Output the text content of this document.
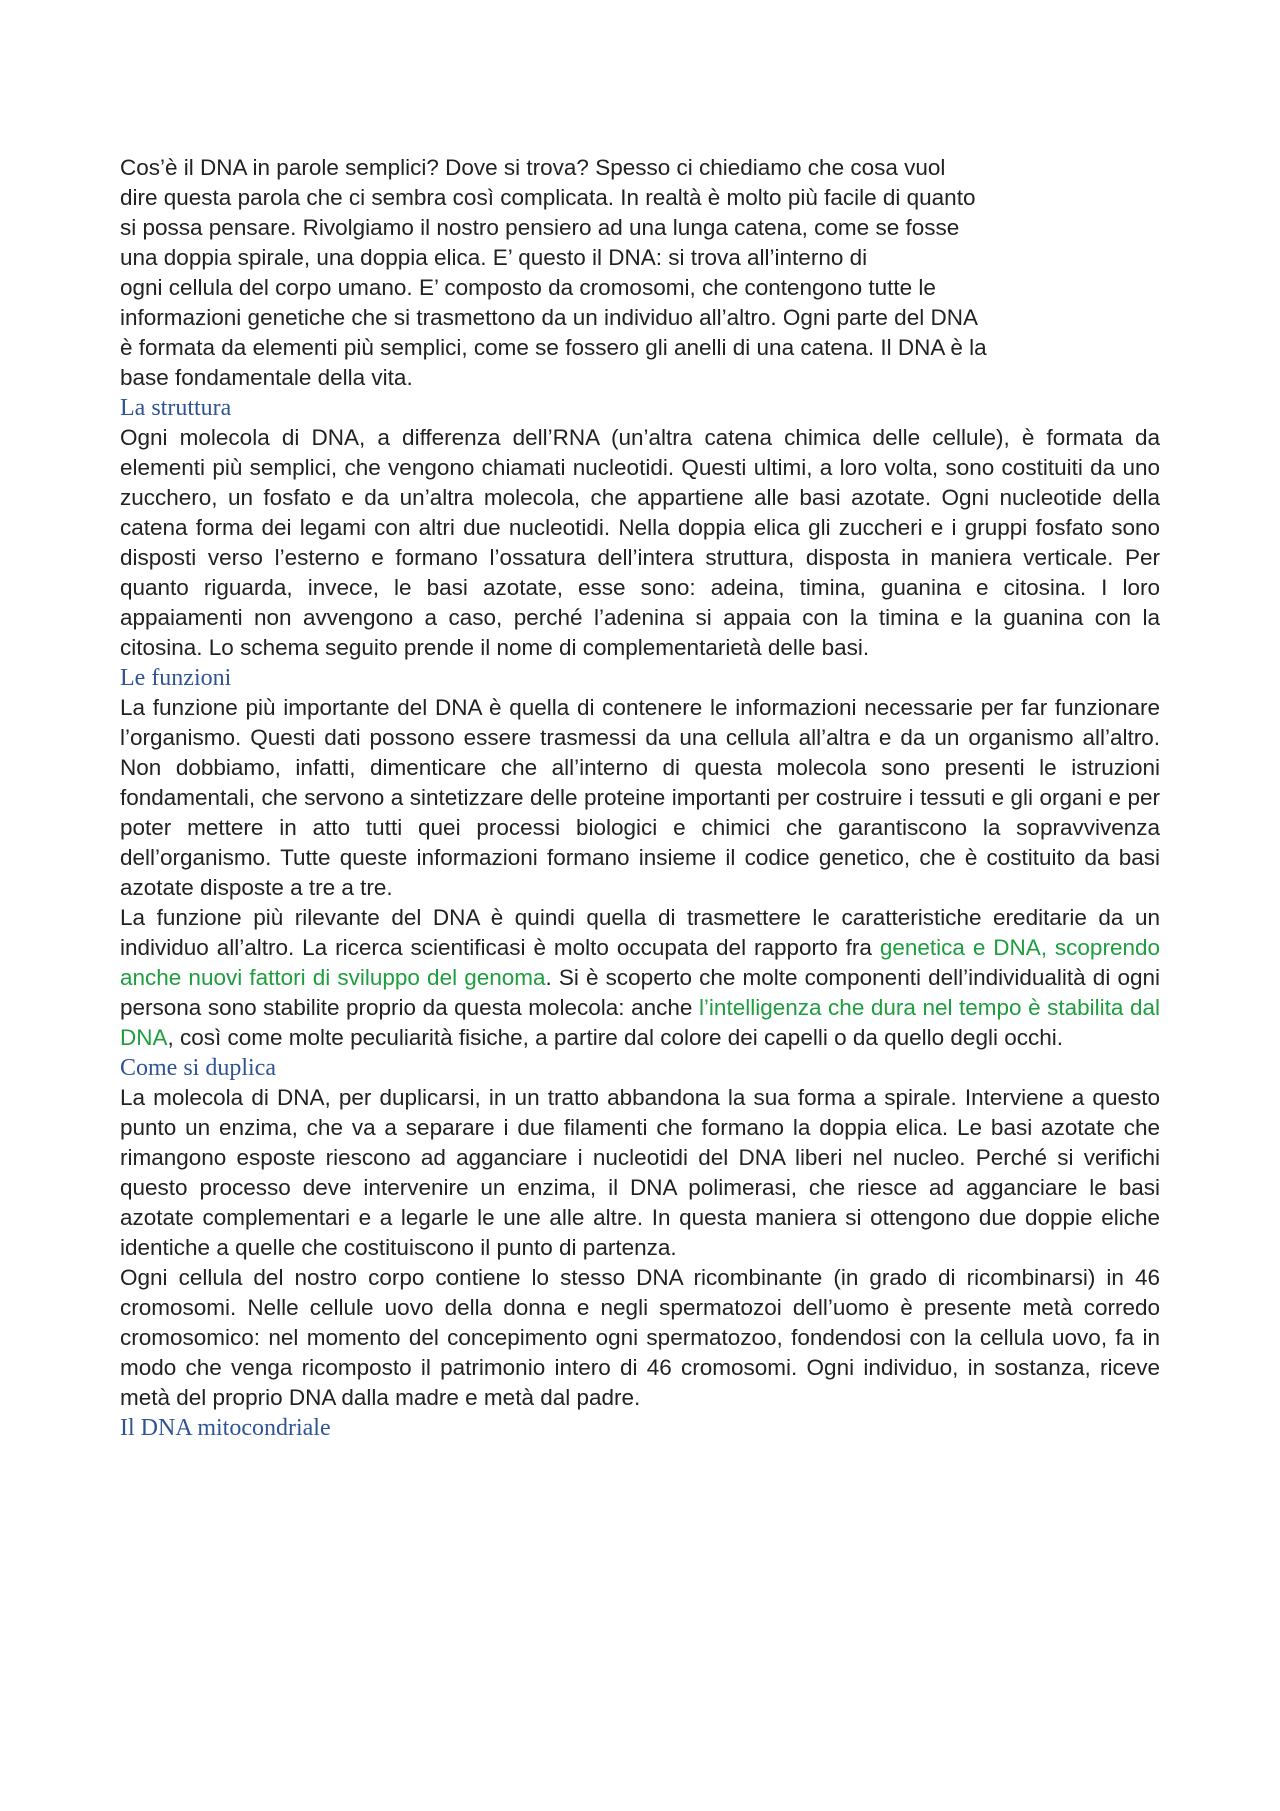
Cos’è il DNA in parole semplici? Dove si trova? Spesso ci chiediamo che cosa vuol
dire questa parola che ci sembra così complicata. In realtà è molto più facile di quanto
si possa pensare. Rivolgiamo il nostro pensiero ad una lunga catena, come se fosse
una doppia spirale, una doppia elica. E’ questo il DNA: si trova all’interno di
ogni cellula del corpo umano. E’ composto da cromosomi, che contengono tutte le
informazioni genetiche che si trasmettono da un individuo all’altro. Ogni parte del DNA
è formata da elementi più semplici, come se fossero gli anelli di una catena. Il DNA è la
base fondamentale della vita.
La struttura

Ogni molecola di DNA, a differenza dell’RNA (un’altra catena chimica delle cellule), è formata da elementi più semplici, che vengono chiamati nucleotidi. Questi ultimi, a loro volta, sono costituiti da uno zucchero, un fosfato e da un’altra molecola, che appartiene alle basi azotate. Ogni nucleotide della catena forma dei legami con altri due nucleotidi. Nella doppia elica gli zuccheri e i gruppi fosfato sono disposti verso l’esterno e formano l’ossatura dell’intera struttura, disposta in maniera verticale. Per quanto riguarda, invece, le basi azotate, esse sono: adeina, timina, guanina e citosina. I loro appaiamenti non avvengono a caso, perché l’adenina si appaia con la timina e la guanina con la citosina. Lo schema seguito prende il nome di complementarietà delle basi.

Le funzioni

La funzione più importante del DNA è quella di contenere le informazioni necessarie per far funzionare l’organismo. Questi dati possono essere trasmessi da una cellula all’altra e da un organismo all’altro. Non dobbiamo, infatti, dimenticare che all’interno di questa molecola sono presenti le istruzioni fondamentali, che servono a sintetizzare delle proteine importanti per costruire i tessuti e gli organi e per poter mettere in atto tutti quei processi biologici e chimici che garantiscono la sopravvivenza dell’organismo. Tutte queste informazioni formano insieme il codice genetico, che è costituito da basi azotate disposte a tre a tre.

La funzione più rilevante del DNA è quindi quella di trasmettere le caratteristiche ereditarie da un individuo all’altro. La ricerca scientificasi è molto occupata del rapporto fra genetica e DNA, scoprendo anche nuovi fattori di sviluppo del genoma. Si è scoperto che molte componenti dell’individualità di ogni persona sono stabilite proprio da questa molecola: anche l’intelligenza che dura nel tempo è stabilita dal DNA, così come molte peculiarità fisiche, a partire dal colore dei capelli o da quello degli occhi.

Come si duplica

La molecola di DNA, per duplicarsi, in un tratto abbandona la sua forma a spirale. Interviene a questo punto un enzima, che va a separare i due filamenti che formano la doppia elica. Le basi azotate che rimangono esposte riescono ad agganciare i nucleotidi del DNA liberi nel nucleo. Perché si verifichi questo processo deve intervenire un enzima, il DNA polimerasi, che riesce ad agganciare le basi azotate complementari e a legarle le une alle altre. In questa maniera si ottengono due doppie eliche identiche a quelle che costituiscono il punto di partenza.

Ogni cellula del nostro corpo contiene lo stesso DNA ricombinante (in grado di ricombinarsi) in 46 cromosomi. Nelle cellule uovo della donna e negli spermatozoi dell’uomo è presente metà corredo cromosomico: nel momento del concepimento ogni spermatozoo, fondendosi con la cellula uovo, fa in modo che venga ricomposto il patrimonio intero di 46 cromosomi. Ogni individuo, in sostanza, riceve metà del proprio DNA dalla madre e metà dal padre.

Il DNA mitocondriale
